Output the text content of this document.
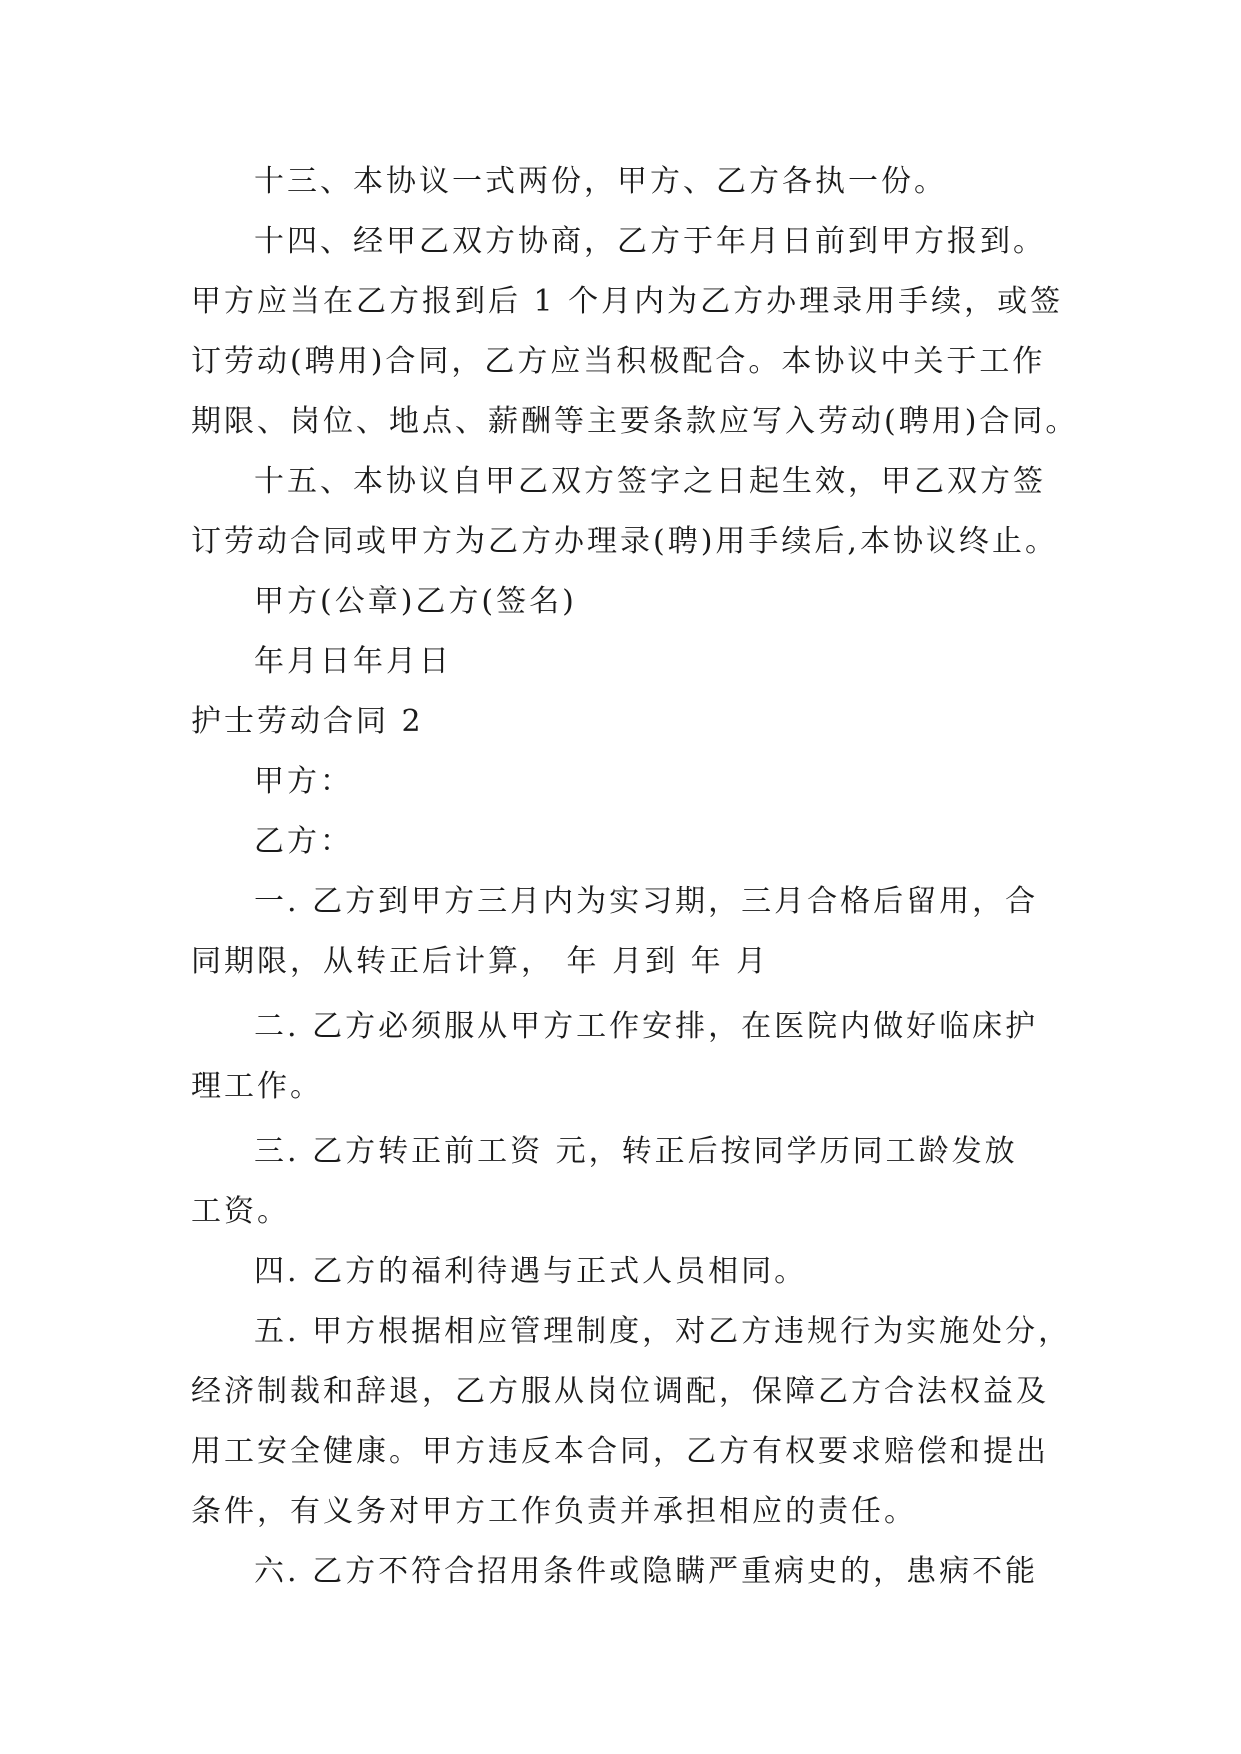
十三、本协议一式两份，甲方、乙方各执一份。
十四、经甲乙双方协商，乙方于年月日前到甲方报到。
甲方应当在乙方报到后 1 个月内为乙方办理录用手续，或签
订劳动(聘用)合同，乙方应当积极配合。本协议中关于工作
期限、岗位、地点、薪酬等主要条款应写入劳动(聘用)合同。
十五、本协议自甲乙双方签字之日起生效，甲乙双方签
订劳动合同或甲方为乙方办理录(聘)用手续后,本协议终止。
甲方(公章)乙方(签名)
年月日年月日
护士劳动合同 2
甲方：
乙方：
一. 乙方到甲方三月内为实习期，三月合格后留用，合
同期限，从转正后计算， 年 月到 年 月
二. 乙方必须服从甲方工作安排，在医院内做好临床护
理工作。
三. 乙方转正前工资 元，转正后按同学历同工龄发放
工资。
四. 乙方的福利待遇与正式人员相同。
五. 甲方根据相应管理制度，对乙方违规行为实施处分，
经济制裁和辞退，乙方服从岗位调配，保障乙方合法权益及
用工安全健康。甲方违反本合同，乙方有权要求赔偿和提出
条件，有义务对甲方工作负责并承担相应的责任。
六. 乙方不符合招用条件或隐瞒严重病史的，患病不能
